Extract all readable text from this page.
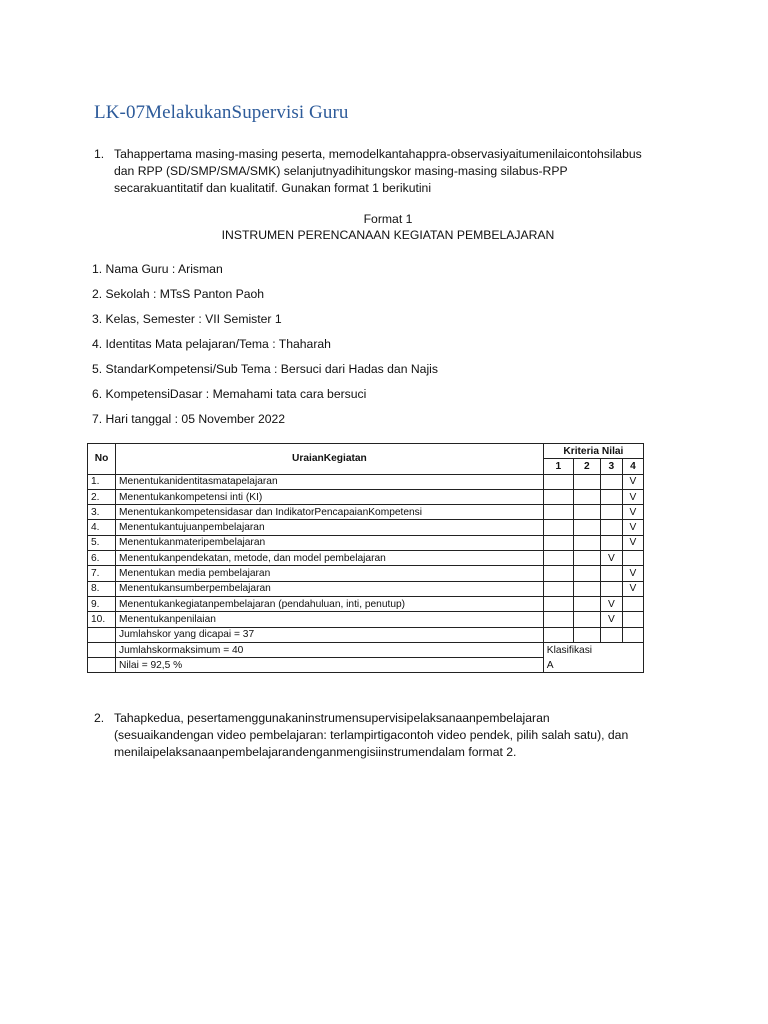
LK-07MelakukanSupervisi Guru
1. Tahappertama masing-masing peserta, memodelkantahappra-observasiyaitumenilaicontohsilabus
dan RPP (SD/SMP/SMA/SMK) selanjutnyadihitungskor masing-masing silabus-RPP
secarakuantitatif dan kualitatif. Gunakan format 1 berikutini
Format 1
INSTRUMEN PERENCANAAN KEGIATAN PEMBELAJARAN
1. Nama Guru : Arisman
2. Sekolah : MTsS Panton Paoh
3. Kelas, Semester : VII Semister 1
4. Identitas Mata pelajaran/Tema : Thaharah
5. StandarKompetensi/Sub Tema : Bersuci dari Hadas dan Najis
6. KompetensiDasar : Memahami tata cara bersuci
7. Hari tanggal : 05 November 2022
No	UraianKegiatan	Kriteria Nilai			
		1	2	3	4
1.	Menentukanidentitasmatapelajaran				V
2.	Menentukankompetensi inti (KI)				V
3.	Menentukankompetensidasar dan IndikatorPencapaianKompetensi				V
4.	Menentukantujuanpembelajaran				V
5.	Menentukanmateripembelajaran				V
6.	Menentukanpendekatan, metode, dan model pembelajaran			V	
7.	Menentukan media pembelajaran				V
8.	Menentukansumberpembelajaran				V
9.	Menentukankegiatanpembelajaran (pendahuluan, inti, penutup)			V	
10.	Menentukanpenilaian			V	
	Jumlahskor yang dicapai = 37				
	Jumlahskormaksimum = 40	Klasifikasi			
	Nilai = 92,5 %	A			
2. Tahapkedua, pesertamenggunakaninstrumensupervisipelaksanaanpembelajaran
(sesuaikandengan video pembelajaran: terlampirtigacontoh video pendek, pilih salah satu), dan
menilaipelaksanaanpembelajarandenganmengisiinstrumendalam format 2.
